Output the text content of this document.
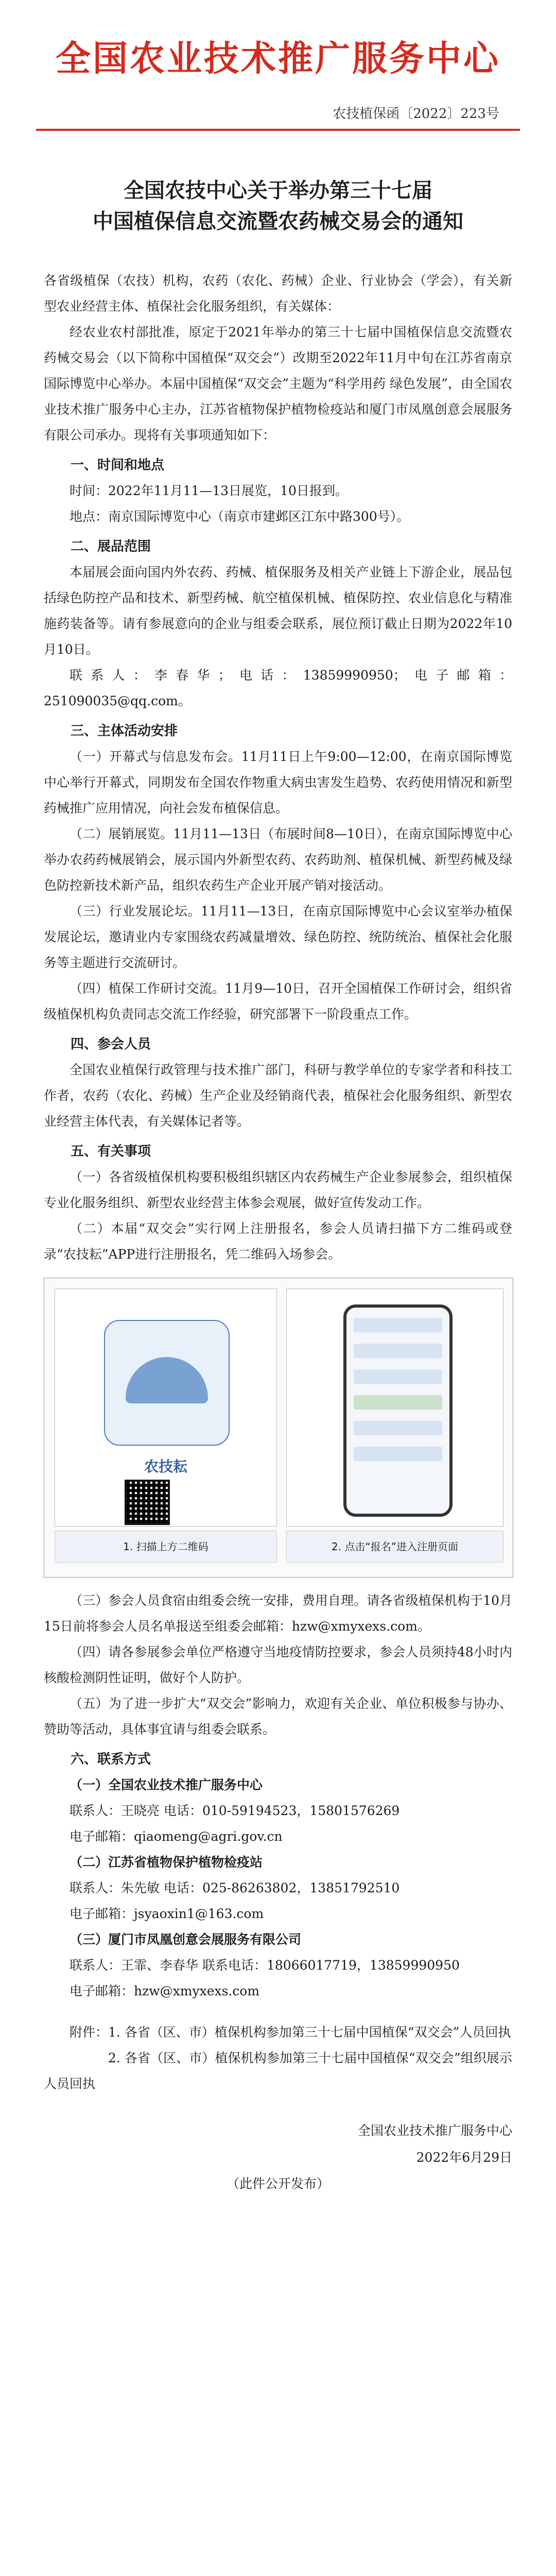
全国农业技术推广服务中心
农技植保函〔2022〕223号
全国农技中心关于举办第三十七届
中国植保信息交流暨农药械交易会的通知

各省级植保（农技）机构，农药（农化、药械）企业、行业协会（学会），有关新型农业经营主体、植保社会化服务组织，有关媒体：

经农业农村部批准，原定于2021年举办的第三十七届中国植保信息交流暨农药械交易会（以下简称中国植保“双交会”）改期至2022年11月中旬在江苏省南京国际博览中心举办。本届中国植保“双交会”主题为“科学用药 绿色发展”，由全国农业技术推广服务中心主办，江苏省植物保护植物检疫站和厦门市凤凰创意会展服务有限公司承办。现将有关事项通知如下：

一、时间和地点

时间：2022年11月11—13日展览，10日报到。

地点：南京国际博览中心（南京市建邺区江东中路300号）。

二、展品范围

本届展会面向国内外农药、药械、植保服务及相关产业链上下游企业，展品包括绿色防控产品和技术、新型药械、航空植保机械、植保防控、农业信息化与精准施药装备等。请有参展意向的企业与组委会联系，展位预订截止日期为2022年10月10日。

联系人：李春华；电话：13859990950；电子邮箱：251090035@qq.com。

三、主体活动安排

（一）开幕式与信息发布会。11月11日上午9:00—12:00，在南京国际博览中心举行开幕式，同期发布全国农作物重大病虫害发生趋势、农药使用情况和新型药械推广应用情况，向社会发布植保信息。

（二）展销展览。11月11—13日（布展时间8—10日），在南京国际博览中心举办农药药械展销会，展示国内外新型农药、农药助剂、植保机械、新型药械及绿色防控新技术新产品，组织农药生产企业开展产销对接活动。

（三）行业发展论坛。11月11—13日，在南京国际博览中心会议室举办植保发展论坛，邀请业内专家围绕农药减量增效、绿色防控、统防统治、植保社会化服务等主题进行交流研讨。

（四）植保工作研讨交流。11月9—10日，召开全国植保工作研讨会，组织省级植保机构负责同志交流工作经验，研究部署下一阶段重点工作。

四、参会人员

全国农业植保行政管理与技术推广部门，科研与教学单位的专家学者和科技工作者，农药（农化、药械）生产企业及经销商代表，植保社会化服务组织、新型农业经营主体代表，有关媒体记者等。

五、有关事项

（一）各省级植保机构要积极组织辖区内农药械生产企业参展参会，组织植保专业化服务组织、新型农业经营主体参会观展，做好宣传发动工作。

（二）本届“双交会”实行网上注册报名，参会人员请扫描下方二维码或登录“农技耘”APP进行注册报名，凭二维码入场参会。

农技耘
1. 扫描上方二维码	2. 点击“报名”进入注册页面

（三）参会人员食宿由组委会统一安排，费用自理。请各省级植保机构于10月15日前将参会人员名单报送至组委会邮箱：hzw@xmyxexs.com。

（四）请各参展参会单位严格遵守当地疫情防控要求，参会人员须持48小时内核酸检测阴性证明，做好个人防护。

（五）为了进一步扩大“双交会”影响力，欢迎有关企业、单位积极参与协办、赞助等活动，具体事宜请与组委会联系。

六、联系方式

（一）全国农业技术推广服务中心

联系人：王晓亮 电话：010-59194523，15801576269

电子邮箱：qiaomeng@agri.gov.cn

（二）江苏省植物保护植物检疫站

联系人：朱先敏 电话：025-86263802，13851792510

电子邮箱：jsyaoxin1@163.com

（三）厦门市凤凰创意会展服务有限公司

联系人：王霏、李春华 联系电话：18066017719，13859990950

电子邮箱：hzw@xmyxexs.com

附件：1. 各省（区、市）植保机构参加第三十七届中国植保“双交会”人员回执

2. 各省（区、市）植保机构参加第三十七届中国植保“双交会”组织展示人员回执

全国农业技术推广服务中心
2022年6月29日

（此件公开发布）
